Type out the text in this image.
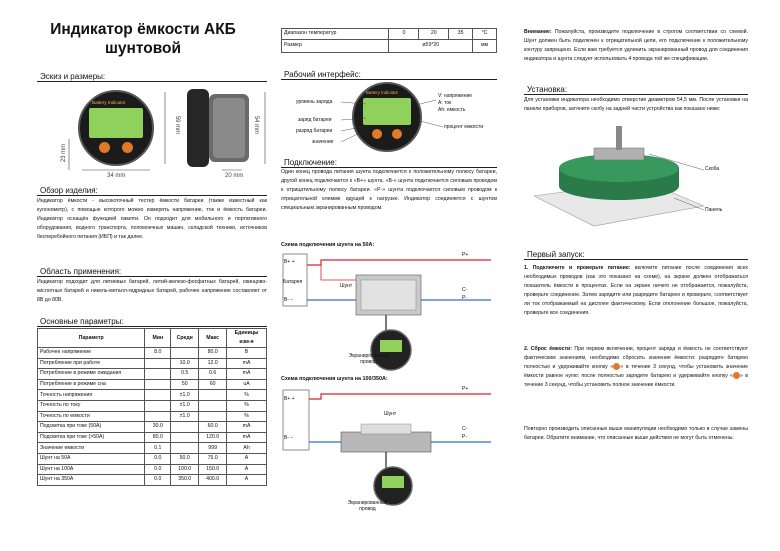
Индикатор ёмкости АКБ
шунтовой
Эскиз и размеры:
Battery Indicator
59 mm
34 mm
23 mm
54 mm
20 mm
Обзор изделия:
Индикатор ёмкости - высокоточный тестер ёмкости батареи (также известный как кулонометр), с помощью которого можно измерять напряжение, ток и ёмкость батареи. Индикатор оснащён функцией памяти. Он подходит для мобильного и портативного оборудования, водного транспорта, поломоечных машин, складской техники, источников бесперебойного питания (ИБП) и так далее.
Область применения:
Индикатор подходит для литиевых батарей, литий-железо-фосфатных батарей, свинцово-кислотных батарей и никель-металл-гидридных батарей, рабочее напряжение составляет от 8В до 80В.
Основные параметры:
Параметр	Мин	Средн	Макс	Единицы изм-я
Рабочее напряжение	8.0		80.0	B
Потребление при работе		10.0	12.0	mA
Потребление в режиме ожидания		0.5	0.6	mA
Потребление в режиме сна		50	60	uA
Точность напряжения		±1.0		%
Точность по току		±1.0		%
Точность по емкости		±1.0		%
Подсветка при токе (50A)	30.0		60.0	mA
Подсветка при токе (>50A)	80.0		120.0	mA
Значение емкости	0.1		999	Ah
Шунт на 50A	0.0	50.0	75.0	A
Шунт на 100A	0.0	100.0	150.0	A
Шунт на 350A	0.0	350.0	400.0	A
Диапазон температур	0	20	35	°C
Размер	ø59*20			мм
Рабочий интерфейс:
Battery Indicator
уровень заряда
заряд батареи
разряд батареи
значение
V: напряжение
A: ток
Ah: емкость
процент емкости
Подключение:
Один конец провода питания шунта подключается к положительному полюсу батареи, другой конец подключается к «В+» шунта. «В-» шунта подключается силовым проводом к отрицательному полюсу батареи. «Р-» шунта подключается силовым проводом к отрицательной клемме идущей к нагрузке. Индикатор соединяется с шунтом специальным экранированным проводом.
Схема подключения шунта на 50A:
B+ +
Батарея
B- −
Шунт
P+
C-
P-
Экранированный провод
Схема подключения шунта на 100/350A:
B+ +
B- −
Шунт
P+
C-
P-
Экранированный провод
Внимание: Пожалуйста, производите подключение в строгом соответствии со схемой. Шунт должен быть подключен к отрицательной цепи, его подключение к положительному контуру запрещено. Если вам требуется удлинить экранированный провод для соединения индикатора и шунта следует использовать 4 провода той же спецификации.
Установка:
Для установки индикатора необходимо отверстие диаметром 54,5 мм. После установки на панели приборов, затяните скобу на задней части устройства как показано ниже:
Скоба
Панель
Первый запуск:
1. Подключите и проверьте питание: включите питание после соединения всех необходимых проводов (как это показано на схеме), на экране должен отображаться показатель ёмкости в процентах. Если на экране ничего не отображается, пожалуйста, проверьте соединение. Затем зарядите или разрядите батарею и проверьте, соответствует ли ток отображаемый на дисплее фактическому. Если отклонение большое, пожалуйста, проверьте все соединения.
2. Сброс ёмкости: При первом включении, процент заряда и ёмкость не соответствуют фактическим значениям, необходимо сбросить значение ёмкости: разрядите батарею полностью и удерживайте кнопку « » в течение 3 секунд, чтобы установить значение ёмкости равное нулю; после полностью зарядите батарею и удерживайте кнопку « » в течение 3 секунд, чтобы установить полное значение ёмкости.
Повторно производить описанные выше манипуляции необходимо только в случае замены батареи. Обратите внимание, что описанные выше действия не могут быть отменены.
